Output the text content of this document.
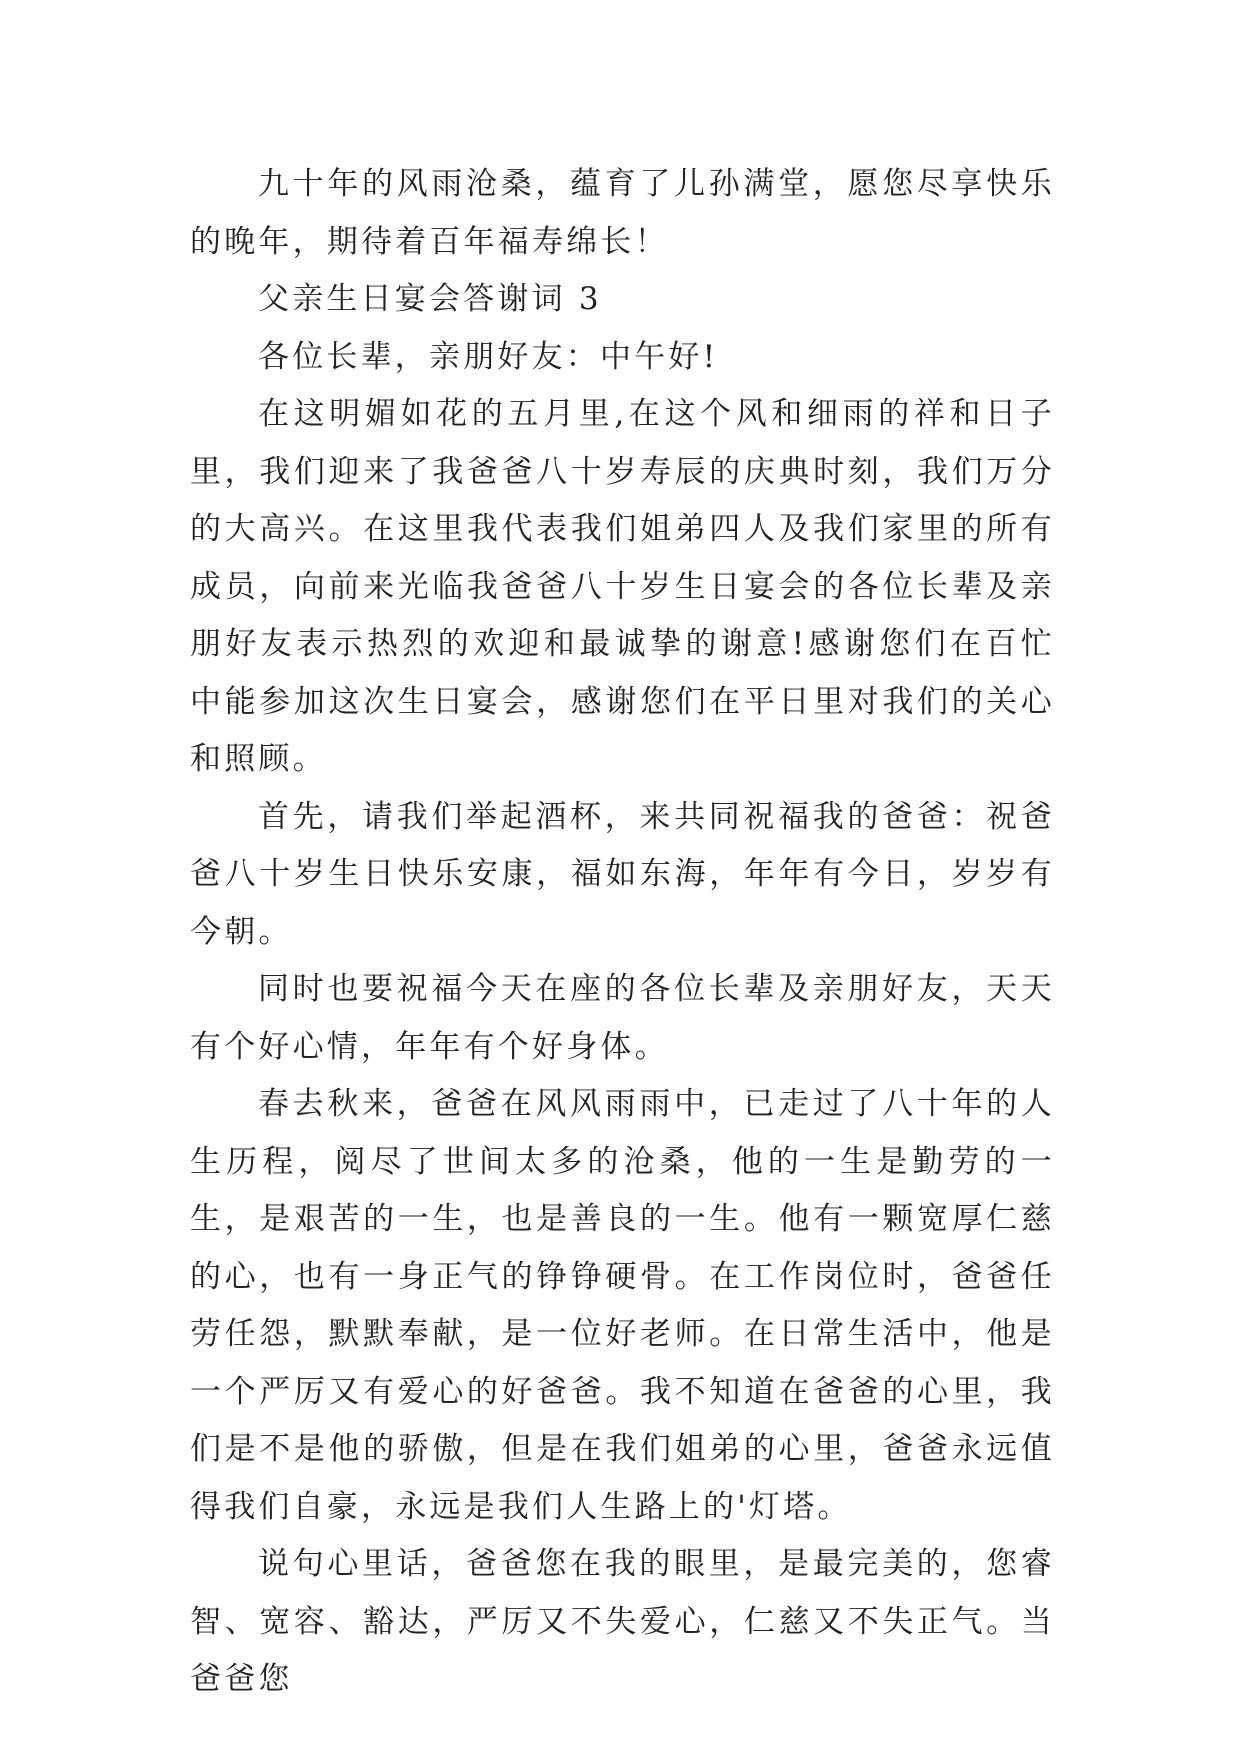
九十年的风雨沧桑，蕴育了儿孙满堂，愿您尽享快乐的晚年，期待着百年福寿绵长！

父亲生日宴会答谢词 3

各位长辈，亲朋好友：中午好!

在这明媚如花的五月里,在这个风和细雨的祥和日子里，我们迎来了我爸爸八十岁寿辰的庆典时刻，我们万分的大高兴。在这里我代表我们姐弟四人及我们家里的所有成员，向前来光临我爸爸八十岁生日宴会的各位长辈及亲朋好友表示热烈的欢迎和最诚挚的谢意!感谢您们在百忙中能参加这次生日宴会，感谢您们在平日里对我们的关心和照顾。

首先，请我们举起酒杯，来共同祝福我的爸爸：祝爸爸八十岁生日快乐安康，福如东海，年年有今日，岁岁有今朝。

同时也要祝福今天在座的各位长辈及亲朋好友，天天有个好心情，年年有个好身体。

春去秋来，爸爸在风风雨雨中，已走过了八十年的人生历程，阅尽了世间太多的沧桑，他的一生是勤劳的一生，是艰苦的一生，也是善良的一生。他有一颗宽厚仁慈的心，也有一身正气的铮铮硬骨。在工作岗位时，爸爸任劳任怨，默默奉献，是一位好老师。在日常生活中，他是一个严厉又有爱心的好爸爸。我不知道在爸爸的心里，我们是不是他的骄傲，但是在我们姐弟的心里，爸爸永远值得我们自豪，永远是我们人生路上的'灯塔。

说句心里话，爸爸您在我的眼里，是最完美的，您睿智、宽容、豁达，严厉又不失爱心，仁慈又不失正气。当爸爸您
